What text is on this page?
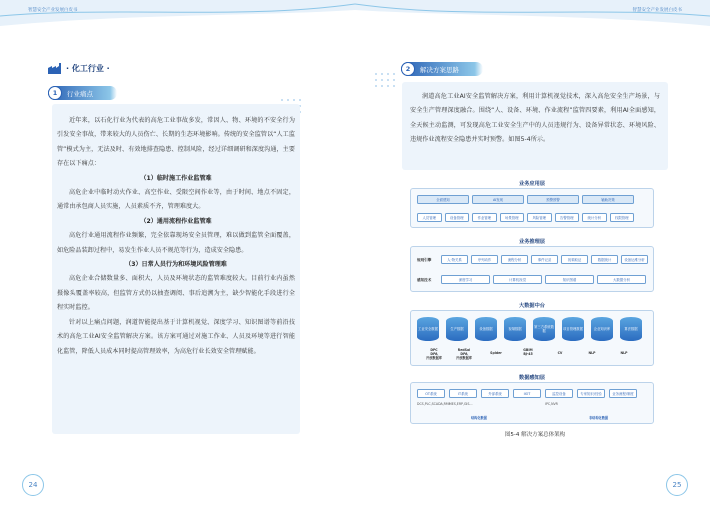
智慧安全产业发展白皮书	智慧安全产业发展白皮书
· 化工行业 ·
1	行业痛点

近年来，以石化行业为代表的高危工业事故多发，常因人、物、环境的不安全行为引发安全事故，带来较大的人员伤亡、长期的生态环境影响。传统的安全监管以“人工监管”模式为主，无法及时、有效地排查隐患、控制风险，经过详细调研和深度沟通，主要存在以下痛点：

（1）临时施工作业监管难

高危企业中临时动火作业、高空作业、受限空间作业等，由于时间、地点不固定，通常由承包商人员实施，人员素质不齐，管理难度大。

（2）通用流程作业监管难

高危行业通用流程作业频繁，完全依靠现场安全员管理，难以做到监管全面覆盖，如危险品装卸过程中，易发生作业人员不规范等行为，造成安全隐患。

（3）日常人员行为和环境风险管理难

高危企业合储数量多、面积大，人员及环境状态的监管难度较大。目前行业内虽然摄像头覆盖率较高，但监管方式仍以抽查调阅、事后追溯为主，缺少智能化手段进行全程实时监控。

针对以上痛点问题，润道智能提出基于计算机视觉、深度学习、知识图谱等前沿技术的高危工业AI安全监管解决方案。该方案可通过对施工作业、人员及环境等进行智能化监管，降低人员成本同时提高管理效率，为高危行业长效安全管理赋能。

24
2	解决方案思路

润道高危工业AI安全监管解决方案，利用计算机视觉技术，深入高危安全生产场景，与安全生产管理深度融合。围绕“人、设备、环境、作业流程”监管四要素，利用AI全面感知，全天候主动监测，可发现高危工业安全生产中的人员违规行为、设备异常状态、环境风险、违规作业流程安全隐患并实时预警。如图5-4所示。

业务应用层
全面感知	AI发现	预警预警	辅助决策
人员管理	设备管理	作业管理	场景管理	风险管理	告警管理	统计分析	权限管理
业务推理层
规则引擎	人·物关系	序列动作	流程分析	事件记录	视频取证	数据统计	设备运维分析
感知技术	深度学习	计算机视觉	知识图谱	大数据分析
大数据中台
工业安全数据	生产数据	设备数据	视频数据
第三方系统数据
项目管理数据	企业知识库	算法数据
DPC
DPA
开放数据库
RedSol
DPA
开放数据库
Spider
GBIM
BJ-45	CV	NLP	NLP
数据感知层
OT系统	IT系统	外部系统	IIOT	监控设备	专家知识/经验	业务流程/制度
DCS,PLC,SCADA,RMI MES,ERP,GIS…	IPC,NVR
结构化数据	非结构化数据
图5-4 解决方案总体架构
25
